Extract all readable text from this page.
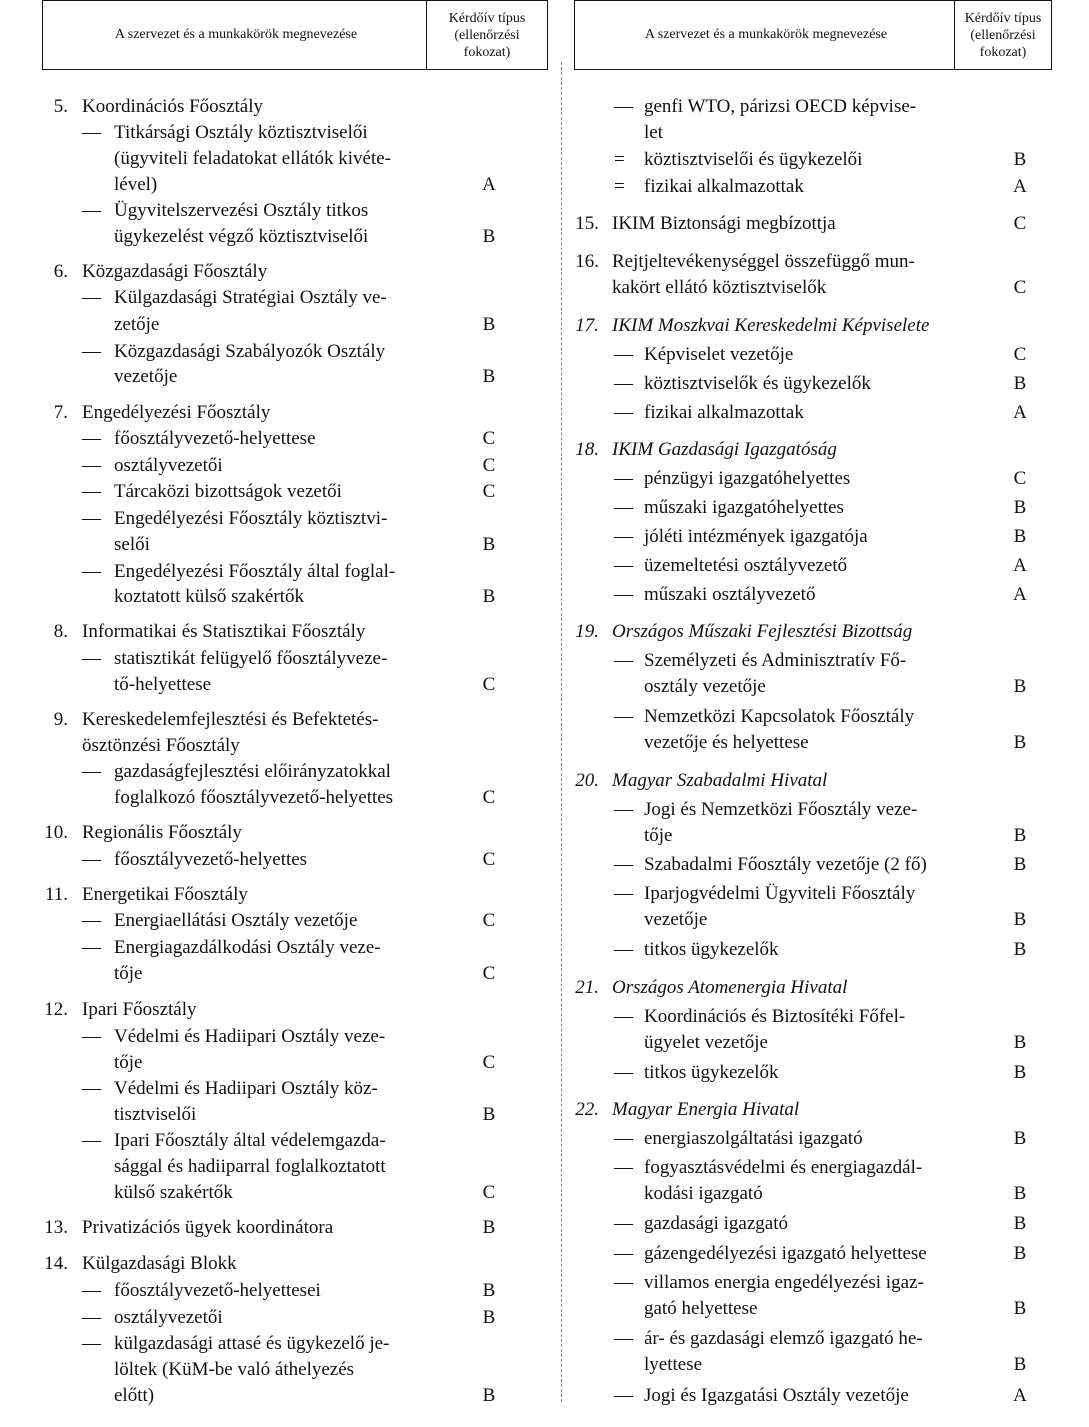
A szervezet és a munkakörök megnevezése
Kérdőív típus
(ellenőrzési
fokozat)
5. Koordinációs Főosztály
— Titkársági Osztály köztisztviselői
(ügyviteli feladatokat ellátók kivéte-
lével)	A
— Ügyvitelszervezési Osztály titkos
ügykezelést végző köztisztviselői	B
6. Közgazdasági Főosztály
— Külgazdasági Stratégiai Osztály ve-
zetője	B
— Közgazdasági Szabályozók Osztály
vezetője	B
7. Engedélyezési Főosztály
— főosztályvezető-helyettese	C
— osztályvezetői	C
— Tárcaközi bizottságok vezetői	C
— Engedélyezési Főosztály köztisztvi-
selői	B
— Engedélyezési Főosztály által foglal-
koztatott külső szakértők	B
8. Informatikai és Statisztikai Főosztály
— statisztikát felügyelő főosztályveze-
tő-helyettese	C
9. Kereskedelemfejlesztési és Befektetés-
ösztönzési Főosztály
— gazdaságfejlesztési előirányzatokkal
foglalkozó főosztályvezető-helyettes	C
10. Regionális Főosztály
— főosztályvezető-helyettes	C
11. Energetikai Főosztály
— Energiaellátási Osztály vezetője	C
— Energiagazdálkodási Osztály veze-
tője	C
12. Ipari Főosztály
— Védelmi és Hadiipari Osztály veze-
tője	C
— Védelmi és Hadiipari Osztály köz-
tisztviselői	B
— Ipari Főosztály által védelemgazda-
sággal és hadiiparral foglalkoztatott
külső szakértők	C
13. Privatizációs ügyek koordinátora	B
14. Külgazdasági Blokk
— főosztályvezető-helyettesei	B
— osztályvezetői	B
— külgazdasági attasé és ügykezelő je-
löltek (KüM-be való áthelyezés
előtt)	B
A szervezet és a munkakörök megnevezése
Kérdőív típus
(ellenőrzési
fokozat)
— genfi WTO, párizsi OECD képvise-
let
= köztisztviselői és ügykezelői	B
= fizikai alkalmazottak	A
15. IKIM Biztonsági megbízottja	C
16. Rejtjeltevékenységgel összefüggő mun-
kakört ellátó köztisztviselők	C
17. IKIM Moszkvai Kereskedelmi Képviselete
— Képviselet vezetője	C
— köztisztviselők és ügykezelők	B
— fizikai alkalmazottak	A
18. IKIM Gazdasági Igazgatóság
— pénzügyi igazgatóhelyettes	C
— műszaki igazgatóhelyettes	B
— jóléti intézmények igazgatója	B
— üzemeltetési osztályvezető	A
— műszaki osztályvezető	A
19. Országos Műszaki Fejlesztési Bizottság
— Személyzeti és Adminisztratív Fő-
osztály vezetője	B
— Nemzetközi Kapcsolatok Főosztály
vezetője és helyettese	B
20. Magyar Szabadalmi Hivatal
— Jogi és Nemzetközi Főosztály veze-
tője	B
— Szabadalmi Főosztály vezetője (2 fő)	B
— Iparjogvédelmi Ügyviteli Főosztály
vezetője	B
— titkos ügykezelők	B
21. Országos Atomenergia Hivatal
— Koordinációs és Biztosítéki Főfel-
ügyelet vezetője	B
— titkos ügykezelők	B
22. Magyar Energia Hivatal
— energiaszolgáltatási igazgató	B
— fogyasztásvédelmi és energiagazdál-
kodási igazgató	B
— gazdasági igazgató	B
— gázengedélyezési igazgató helyettese	B
— villamos energia engedélyezési igaz-
gató helyettese	B
— ár- és gazdasági elemző igazgató he-
lyettese	B
— Jogi és Igazgatási Osztály vezetője	A
